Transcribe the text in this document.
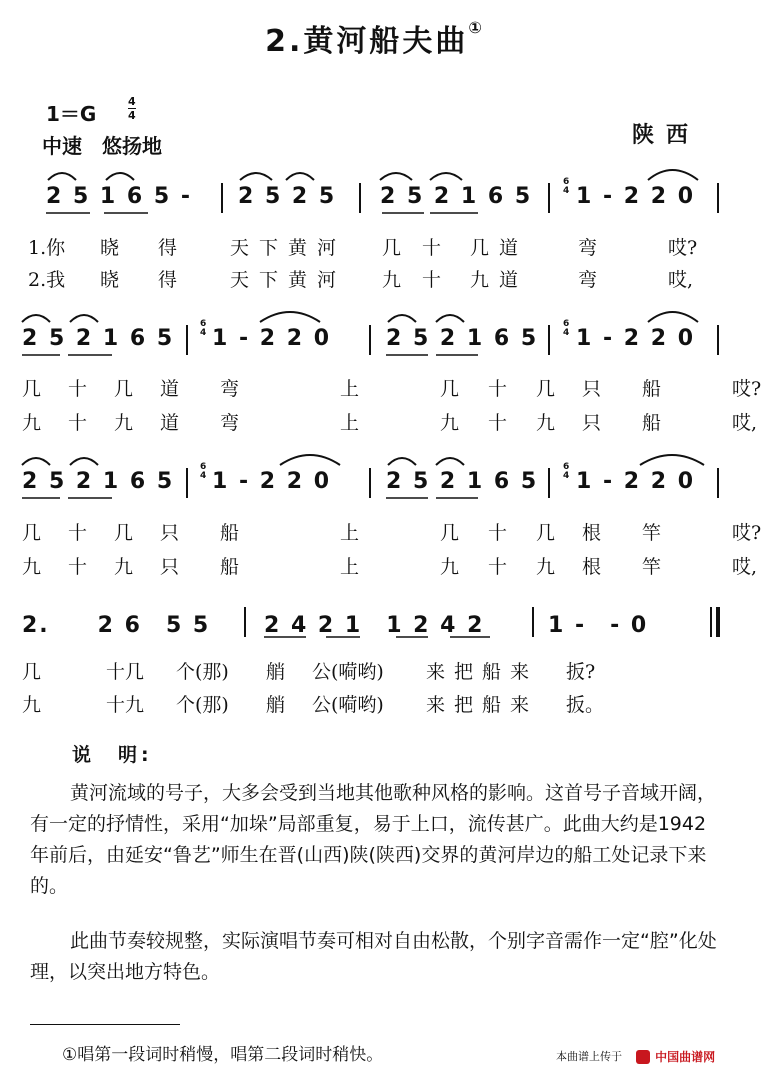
2.黄河船夫曲①
1＝G
4
4
中速　悠扬地	陕西
6
4
6
4
6
4
6
4
6
4
2 5 1 6 5 - 2 5 2 5 2 5 2 1 6 5 1 - 2 2 0
1.你 晓 得	天下黄河 几 十 几道	弯	哎?
2.我 晓 得	天下黄河 九 十 九道	弯	哎,
2 5 2 1 6 5 1 - 2 2 0	2 5 2 1 6 5 1 - 2 2 0
几 十 几 道 弯	上	几 十 几 只 船	哎?
九 十 九 道 弯	上	九 十 九 只 船	哎,
2 5 2 1 6 5 1 - 2 2 0	2 5 2 1 6 5 1 - 2 2 0
几 十 几 只 船	上	几 十 几 根 竿	哎?
九 十 九 只 船	上	九 十 九 根 竿	哎,
2.　　2 6　5 5 2 4 2 1　1 2 4 2	1 -　- 0
几	十几 个(那) 艄 公(嗬哟) 来 把 船 来 扳?
九	十九 个(那) 艄 公(嗬哟) 来 把 船 来 扳。
说　明:
黄河流域的号子，大多会受到当地其他歌种风格的影响。这首号子音域开阔，有一定的抒情性，采用“加垛”局部重复，易于上口，流传甚广。此曲大约是1942年前后，由延安“鲁艺”师生在晋(山西)陕(陕西)交界的黄河岸边的船工处记录下来的。
此曲节奏较规整，实际演唱节奏可相对自由松散，个别字音需作一定“腔”化处理，以突出地方特色。
①唱第一段词时稍慢，唱第二段词时稍快。	本曲谱上传于	中国曲谱网
